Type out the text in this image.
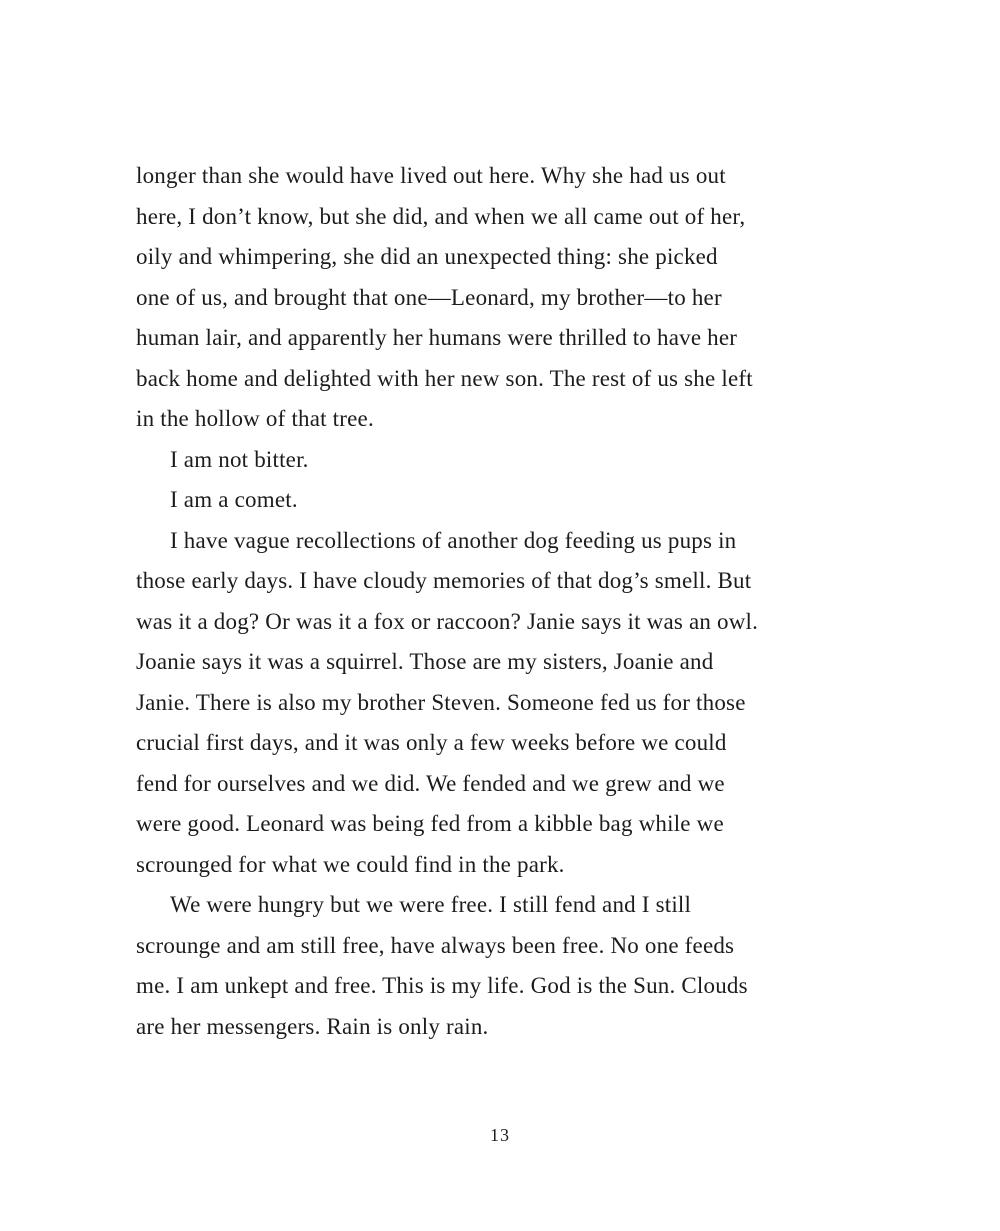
longer than she would have lived out here. Why she had us out
here, I don’t know, but she did, and when we all came out of her,
oily and whimpering, she did an unexpected thing: she picked
one of us, and brought that one—Leonard, my brother—to her
human lair, and apparently her humans were thrilled to have her
back home and delighted with her new son. The rest of us she left
in the hollow of that tree.

I am not bitter.

I am a comet.

I have vague recollections of another dog feeding us pups in
those early days. I have cloudy memories of that dog’s smell. But
was it a dog? Or was it a fox or raccoon? Janie says it was an owl.
Joanie says it was a squirrel. Those are my sisters, Joanie and
Janie. There is also my brother Steven. Someone fed us for those
crucial first days, and it was only a few weeks before we could
fend for ourselves and we did. We fended and we grew and we
were good. Leonard was being fed from a kibble bag while we
scrounged for what we could find in the park.

We were hungry but we were free. I still fend and I still
scrounge and am still free, have always been free. No one feeds
me. I am unkept and free. This is my life. God is the Sun. Clouds
are her messengers. Rain is only rain.

13
